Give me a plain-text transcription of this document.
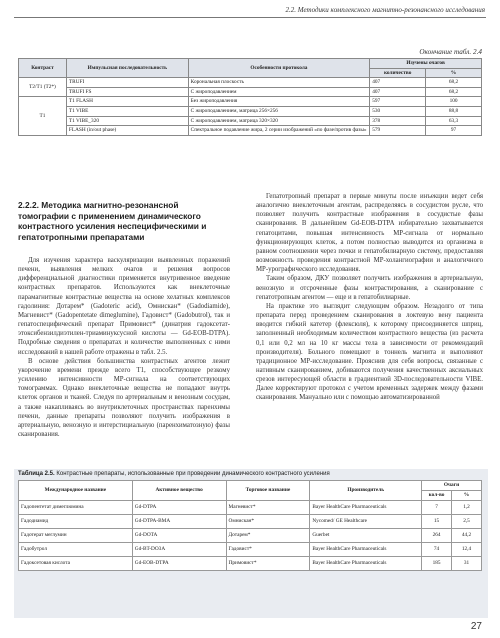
2.2. Методики комплексного магнитно-резонансного исследования
Окончание табл. 2.4
Контраст	Импульсная последовательность	Особенности протокола	Изучены очагов	
			количество	%
T2/T1 (T2*)	TRUFI	Корональная плоскость	407	68,2
	TRUFI FS	С жироподавлением	407	68,2
T1	T1 FLASH	Без жироподавления	597	100
	T1 VIBE	С жироподавлением, матрица 256×256	530	88,8
	T1 VIBE_320	С жироподавлением, матрица 320×320	378	63,3
	FLASH (in/out phase)	Спектральное подавление жира, 2 серии изображений «по фазе/против фазы»	579	97
2.2.2. Методика магнитно-резонансной томографии с применением динамического контрастного усиления неспецифическими и гепатотропными препаратами

Для изучения характера васкуляризации выявленных поражений печени, выявления мелких очагов и решения вопросов дифференциальной диагностики применяется внутривенное введение контрастных препаратов. Используются как внеклеточные парамагнитные контрастные вещества на основе хелатных комплексов гадолиния: Дотарем* (Gadoteric acid), Омнискан* (Gadodiamide), Магневист* (Gadopentetate dimeglumine), Гадовист* (Gadobutrol), так и гепатоспецифический препарат Примовист* (динатрия гадоксетат-этоксибензилдиэтилен-триаминуксусной кислоты — Gd-EOB-DTPA). Подробные сведения о препаратах и количестве выполненных с ними исследований в нашей работе отражены в табл. 2.5.

В основе действия большинства контрастных агентов лежит укорочение времени прежде всего T1, способствующее резкому усилению интенсивности МР-сигнала на соответствующих томограммах. Однако внеклеточные вещества не попадают внутрь клеток органов и тканей. Следуя по артериальным и венозным сосудам, а также накапливаясь во внутриклеточных пространствах паренхимы печени, данные препараты позволяют получить изображения в артериальную, венозную и интерстициальную (паренхиматозную) фазы сканирования.

Гепатотропный препарат в первые минуты после инъекции ведет себя аналогично внеклеточным агентам, распределяясь в сосудистом русле, что позволяет получить контрастные изображения в сосудистые фазы сканирования. В дальнейшем Gd-EOB-DTPA избирательно захватывается гепатоцитами, повышая интенсивность МР-сигнала от нормально функционирующих клеток, а потом полностью выводится из организма в равном соотношении через почки и гепатобилиарную систему, предоставляя возможность проведения контрастной МР-холангиографии и аналогичного МР-урографического исследования.

Таким образом, ДКУ позволяет получить изображения в артериальную, венозную и отсроченные фазы контрастирования, а сканирование с гепатотропным агентом — еще и в гепатобилиарные.

На практике это выглядит следующим образом. Незадолго от типа препарата перед проведением сканирования в локтевую вену пациента вводится гибкий катетер (флексюля), к которому присоединяется шприц, заполненный необходимым количеством контрастного вещества (из расчета 0,1 или 0,2 мл на 10 кг массы тела в зависимости от рекомендаций производителя). Больного помещают в тоннель магнита и выполняют традиционное МР-исследование. Прояснив для себя вопросы, связанные с нативным сканированием, добиваются получения качественных аксиальных срезов интересующей области в градиентной 3D-последовательности VIBE. Далее корректируют протокол с учетом временных задержек между фазами сканирования. Мануально или с помощью автоматизированной

Таблица 2.5. Контрастные препараты, использованные при проведении динамического контрастного усиления
Международное название	Активное вещество	Торговое название	Производитель	Очаги	
				кол-во	%
Гадопентетат димеглюмина	Gd-DTPA	Магневист*	Bayer HealthCare Pharmaceuticals	7	1,2
Гадодиамид	Gd-DTPA-BMA	Омнискан*	Nycomed/ GE Healthcare	15	2,5
Гадотерат меглумин	Gd-DOTA	Дотарем*	Guerbet	264	44,2
Гадобутрол	Gd-BT-DO3A	Гадовист*	Bayer HealthCare Pharmaceuticals	74	12,4
Гадоксетовая кислота	Gd-EOB-DTPA	Примовист*	Bayer HealthCare Pharmaceuticals	185	31
27
